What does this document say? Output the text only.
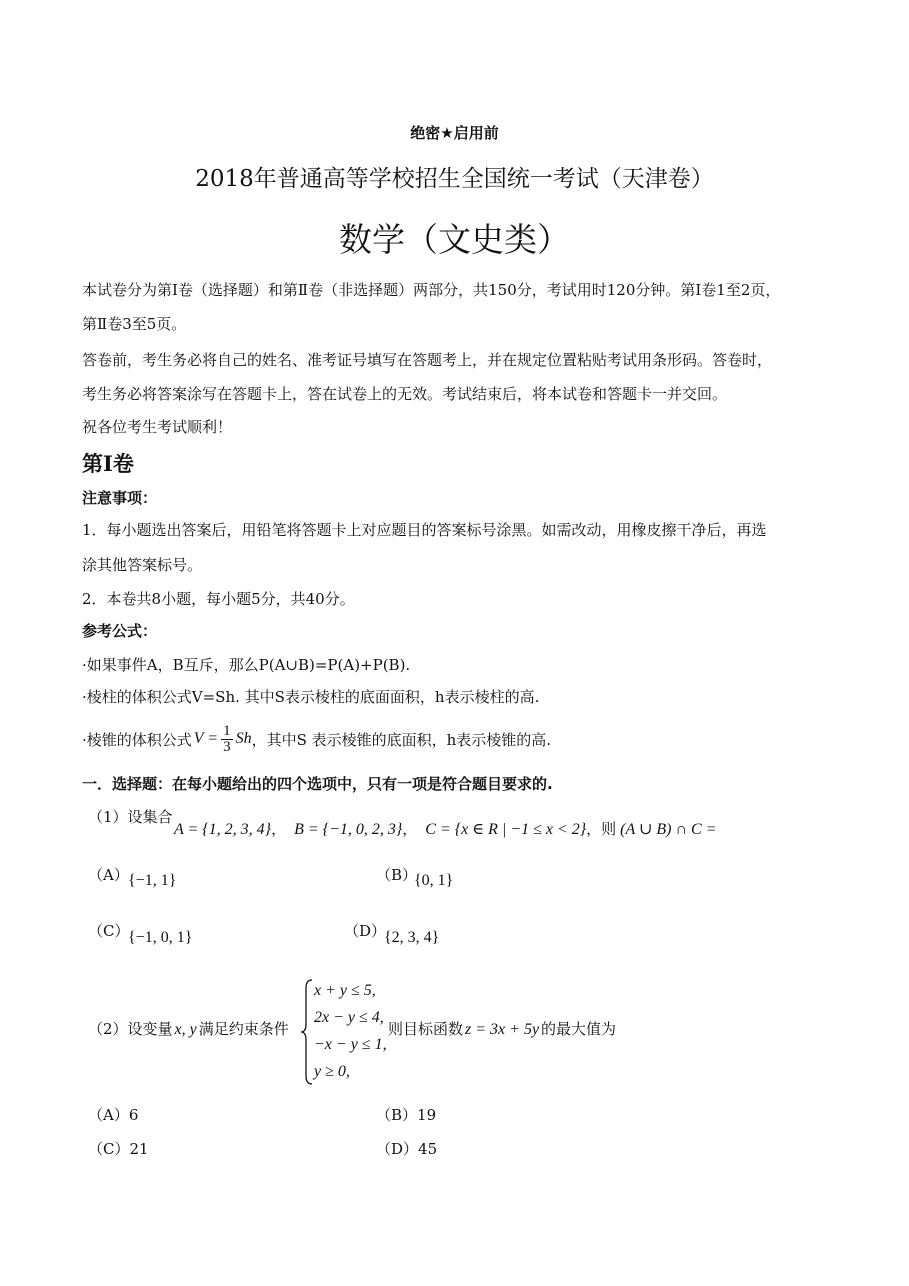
绝密★启用前
2018年普通高等学校招生全国统一考试（天津卷）
数学（文史类）
本试卷分为第Ⅰ卷（选择题）和第Ⅱ卷（非选择题）两部分，共150分，考试用时120分钟。第Ⅰ卷1至2页，
第Ⅱ卷3至5页。
答卷前，考生务必将自己的姓名、准考证号填写在答题考上，并在规定位置粘贴考试用条形码。答卷时，
考生务必将答案涂写在答题卡上，答在试卷上的无效。考试结束后，将本试卷和答题卡一并交回。
祝各位考生考试顺利！
第Ⅰ卷
注意事项：
1．每小题选出答案后，用铅笔将答题卡上对应题目的答案标号涂黑。如需改动，用橡皮擦干净后，再选
涂其他答案标号。
2．本卷共8小题，每小题5分，共40分。
参考公式：
·如果事件A，B互斥，那么P(A∪B)=P(A)+P(B).
·棱柱的体积公式V=Sh. 其中S表示棱柱的底面面积，h表示棱柱的高.
·棱锥的体积公式 $V = \frac{1}{3}$ Sh ，其中S 表示棱锥的底面积，h表示棱锥的高.
一．选择题：在每小题给出的四个选项中，只有一项是符合题目要求的.
（1）设集合
A = {1, 2, 3, 4} ， B = {−1, 0, 2, 3} ， C = {x ∈ R | −1 ≤ x < 2} ，则 (A ∪ B) ∩ C =
（A） {−1, 1}	（B）
{0, 1}
（C）
{−1, 0, 1}	（D）
{2, 3, 4}
（2）设变量 x, y 满足约束条件
x + y ≤ 5,
2x − y ≤ 4,
−x − y ≤ 1,
y ≥ 0,
则目标函数 z = 3x + 5y 的最大值为
（A）6	（B）19
（C）21	（D）45
